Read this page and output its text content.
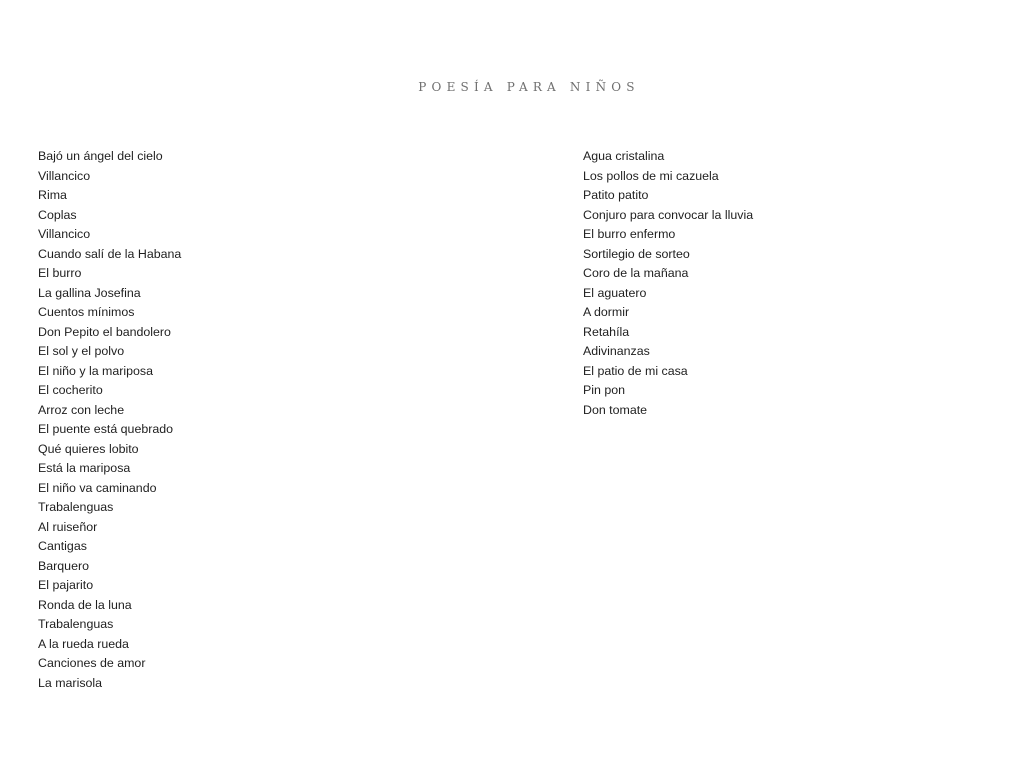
POESÍA PARA NIÑOS
Bajó un ángel del cielo
Villancico
Rima
Coplas
Villancico
Cuando salí de la Habana
El burro
La gallina Josefina
Cuentos mínimos
Don Pepito el bandolero
El sol y el polvo
El niño y la mariposa
El cocherito
Arroz con leche
El puente está quebrado
Qué quieres lobito
Está la mariposa
El niño va caminando
Trabalenguas
Al ruiseñor
Cantigas
Barquero
El pajarito
Ronda de la luna
Trabalenguas
A la rueda rueda
Canciones de amor
La marisola
Agua cristalina
Los pollos de mi cazuela
Patito patito
Conjuro para convocar la lluvia
El burro enfermo
Sortilegio de sorteo
Coro de la mañana
El aguatero
A dormir
Retahíla
Adivinanzas
El patio de mi casa
Pin pon
Don tomate
